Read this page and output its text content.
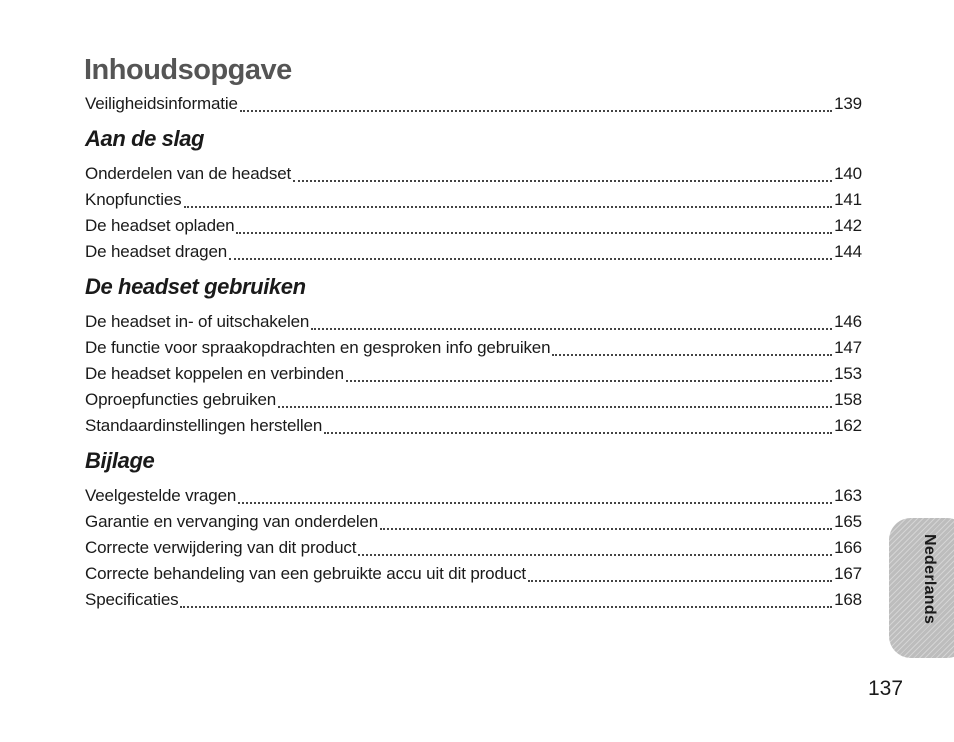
Inhoudsopgave
Veiligheidsinformatie	139
Aan de slag
Onderdelen van de headset	140
Knopfuncties	141
De headset opladen	142
De headset dragen	144
De headset gebruiken
De headset in- of uitschakelen	146
De functie voor spraakopdrachten en gesproken info gebruiken	147
De headset koppelen en verbinden	153
Oproepfuncties gebruiken	158
Standaardinstellingen herstellen	162
Bijlage
Veelgestelde vragen	163
Garantie en vervanging van onderdelen	165
Correcte verwijdering van dit product	166
Correcte behandeling van een gebruikte accu uit dit product	167
Specificaties	168	Nederlands
137
